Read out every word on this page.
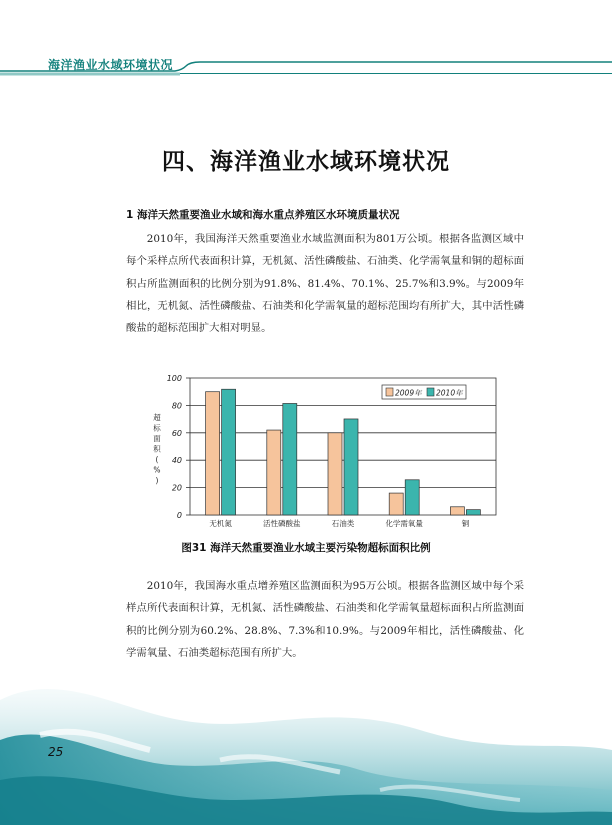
海洋渔业水域环境状况
四、海洋渔业水域环境状况
1 海洋天然重要渔业水域和海水重点养殖区水环境质量状况

2010年，我国海洋天然重要渔业水域监测面积为801万公顷。根据各监测区域中每个采样点所代表面积计算，无机氮、活性磷酸盐、石油类、化学需氧量和铜的超标面积占所监测面积的比例分别为91.8%、81.4%、70.1%、25.7%和3.9%。与2009年相比，无机氮、活性磷酸盐、石油类和化学需氧量的超标范围均有所扩大，其中活性磷酸盐的超标范围扩大相对明显。

0
20
40
60
80
100
超
标
面
积
(
%
)
无机氮	活性磷酸盐	石油类	化学需氧量	铜
2009年 2010年
图31 海洋天然重要渔业水域主要污染物超标面积比例

2010年，我国海水重点增养殖区监测面积为95万公顷。根据各监测区域中每个采样点所代表面积计算，无机氮、活性磷酸盐、石油类和化学需氧量超标面积占所监测面积的比例分别为60.2%、28.8%、7.3%和10.9%。与2009年相比，活性磷酸盐、化学需氧量、石油类超标范围有所扩大。

25
